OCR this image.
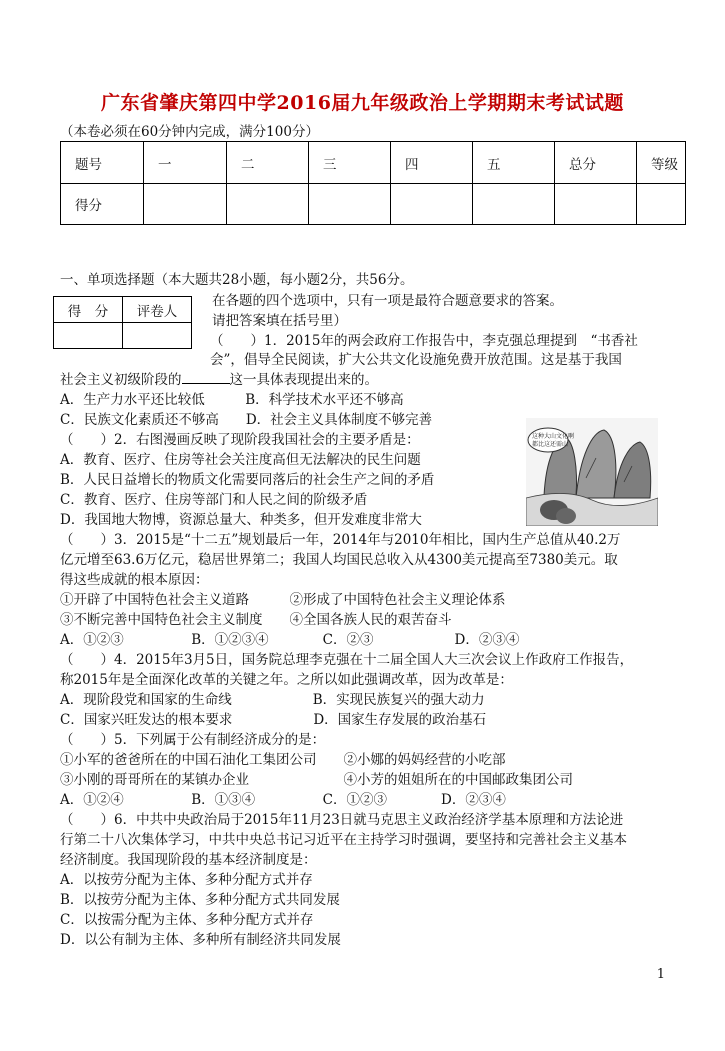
广东省肇庆第四中学2016届九年级政治上学期期末考试试题
（本卷必须在60分钟内完成，满分100分）
题号	一	二	三	四	五	总分	等级
得分							
一、单项选择题（本大题共28小题，每小题2分，共56分。
在各题的四个选项中，只有一项是最符合题意要求的答案。
请把答案填在括号里）
得　分	评卷人

（　　）1．2015年的两会政府工作报告中，李克强总理提到　“书香社
会”，倡导全民阅读，扩大公共文化设施免费开放范围。这是基于我国
社会主义初级阶段的	这一具体表现提出来的。
A．生产力水平还比较低　　　B．科学技术水平还不够高
C．民族文化素质还不够高　　D．社会主义具体制度不够完善
（　　）2．右图漫画反映了现阶段我国社会的主要矛盾是：
A．教育、医疗、住房等社会关注度高但无法解决的民生问题
B．人民日益增长的物质文化需要同落后的社会生产之间的矛盾
C．教育、医疗、住房等部门和人民之间的阶级矛盾
D．我国地大物博，资源总量大、种类多，但开发难度非常大
这种大山文化啊
都比这还需山
（　　）3．2015是“十二五”规划最后一年，2014年与2010年相比，国内生产总值从40.2万
亿元增至63.6万亿元，稳居世界第二；我国人均国民总收入从4300美元提高至7380美元。取
得这些成就的根本原因：
①开辟了中国特色社会主义道路　　　②形成了中国特色社会主义理论体系
③不断完善中国特色社会主义制度　　④全国各族人民的艰苦奋斗
A．①②③　　　　　B．①②③④　　　　C．②③　　　　　　D．②③④
（　　）4．2015年3月5日，国务院总理李克强在十二届全国人大三次会议上作政府工作报告，
称2015年是全面深化改革的关键之年。之所以如此强调改革，因为改革是：
A．现阶段党和国家的生命线　　　　　　B．实现民族复兴的强大动力
C．国家兴旺发达的根本要求　　　　　　D．国家生存发展的政治基石
（　　）5．下列属于公有制经济成分的是：
①小军的爸爸所在的中国石油化工集团公司　　②小娜的妈妈经营的小吃部
③小刚的哥哥所在的某镇办企业　　　　　　　④小芳的姐姐所在的中国邮政集团公司
A．①②④　　　　　B．①③④　　　　　C．①②③　　　　D．②③④
（　　）6．中共中央政治局于2015年11月23日就马克思主义政治经济学基本原理和方法论进
行第二十八次集体学习，中共中央总书记习近平在主持学习时强调，要坚持和完善社会主义基本
经济制度。我国现阶段的基本经济制度是：
A．以按劳分配为主体、多种分配方式并存
B．以按劳分配为主体、多种分配方式共同发展
C．以按需分配为主体、多种分配方式并存
D．以公有制为主体、多种所有制经济共同发展
1
